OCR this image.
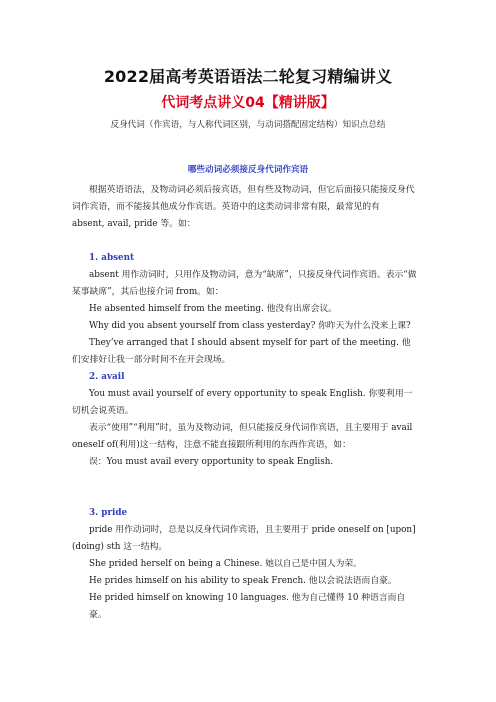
2022届高考英语语法二轮复习精编讲义
代词考点讲义04【精讲版】
反身代词（作宾语，与人称代词区别，与动词搭配固定结构）知识点总结
哪些动词必须接反身代词作宾语

根据英语语法，及物动词必须后接宾语，但有些及物动词，但它后面接只能接反身代词作宾语，而不能接其他成分作宾语。英语中的这类动词非常有限，最常见的有　absent, avail, pride 等。如：

1. absent

absent 用作动词时，只用作及物动词，意为“缺席”，只接反身代词作宾语。表示“做某事缺席”，其后也接介词 from。如：

He absented himself from the meeting. 他没有出席会议。

Why did you absent yourself from class yesterday? 你昨天为什么没来上课?

They’ve arranged that I should absent myself for part of the meeting. 他们安排好让我一部分时间不在开会现场。

2. avail

You must avail yourself of every opportunity to speak English. 你要利用一切机会说英语。

表示“使用”“利用”时，虽为及物动词，但只能接反身代词作宾语，且主要用于 avail oneself of(利用)这一结构，注意不能直接跟所利用的东西作宾语，如：

误：You must avail every opportunity to speak English.

3. pride

pride 用作动词时，总是以反身代词作宾语，且主要用于 pride oneself on [upon] (doing) sth 这一结构。

She prided herself on being a Chinese. 她以自己是中国人为荣。

He prides himself on his ability to speak French. 他以会说法语而自豪。

He prided himself on knowing 10 languages. 他为自己懂得 10 种语言而自豪。
